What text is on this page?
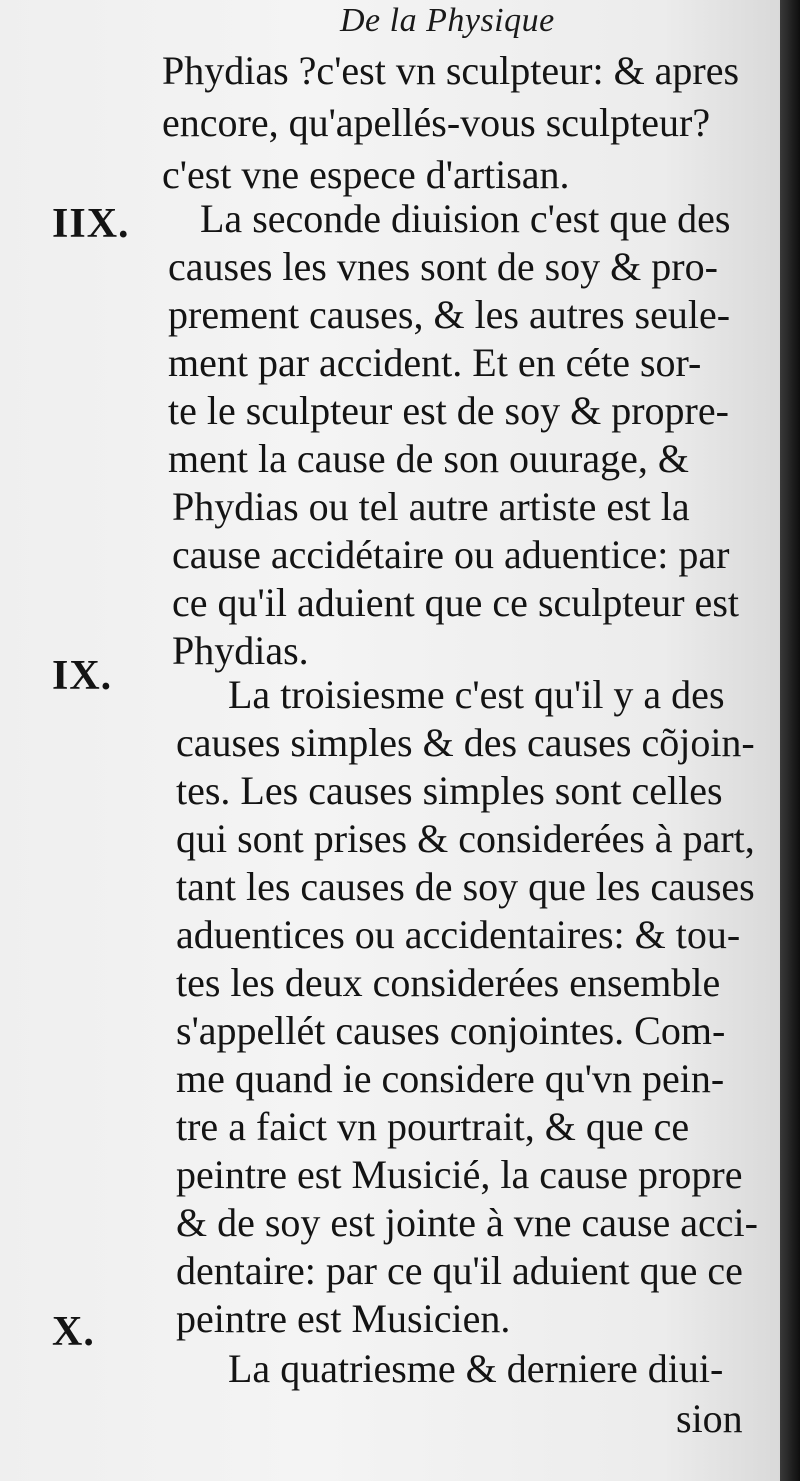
De la Physique
IIX.
IX.
X.
Phydias ?c'est vn sculpteur: & apres
encore, qu'apellés-vous sculpteur?
c'est vne espece d'artisan.
La seconde diuision c'est que des
causes les vnes sont de soy & pro-
prement causes, & les autres seule-
ment par accident. Et en céte sor-
te le sculpteur est de soy & propre-
ment la cause de son ouurage, &
Phydias ou tel autre artiste est la
cause accidétaire ou aduentice: par
ce qu'il aduient que ce sculpteur est
Phydias.
La troisiesme c'est qu'il y a des
causes simples & des causes cõjoin-
tes. Les causes simples sont celles
qui sont prises & considerées à part,
tant les causes de soy que les causes
aduentices ou accidentaires: & tou-
tes les deux considerées ensemble
s'appellét causes conjointes. Com-
me quand ie considere qu'vn pein-
tre a faict vn pourtrait, & que ce
peintre est Musicié, la cause propre
& de soy est jointe à vne cause acci-
dentaire: par ce qu'il aduient que ce
peintre est Musicien.
La quatriesme & derniere diui-
sion
